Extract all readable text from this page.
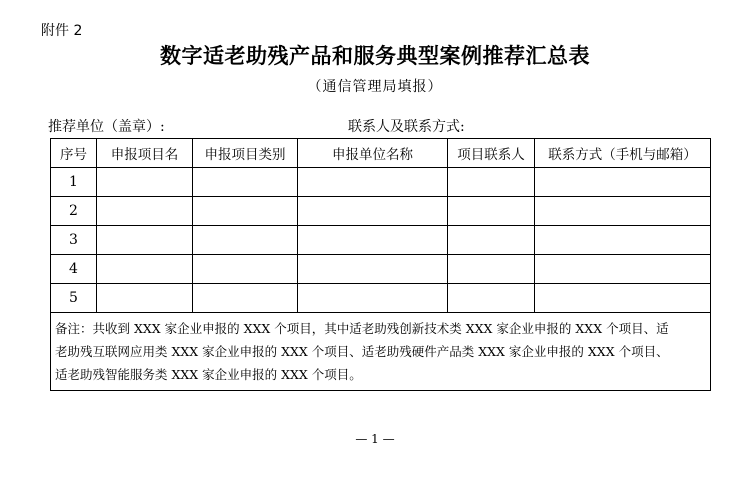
附件 2
数字适老助残产品和服务典型案例推荐汇总表
（通信管理局填报）
推荐单位（盖章）:	联系人及联系方式:
序号	申报项目名	申报项目类别	申报单位名称	项目联系人	联系方式（手机与邮箱）
1					
2					
3					
4					
5					

备注：共收到 XXX 家企业申报的 XXX 个项目，其中适老助残创新技术类 XXX 家企业申报的 XXX 个项目、适
老助残互联网应用类 XXX 家企业申报的 XXX 个项目、适老助残硬件产品类 XXX 家企业申报的 XXX 个项目、
适老助残智能服务类 XXX 家企业申报的 XXX 个项目。					
— 1 —
